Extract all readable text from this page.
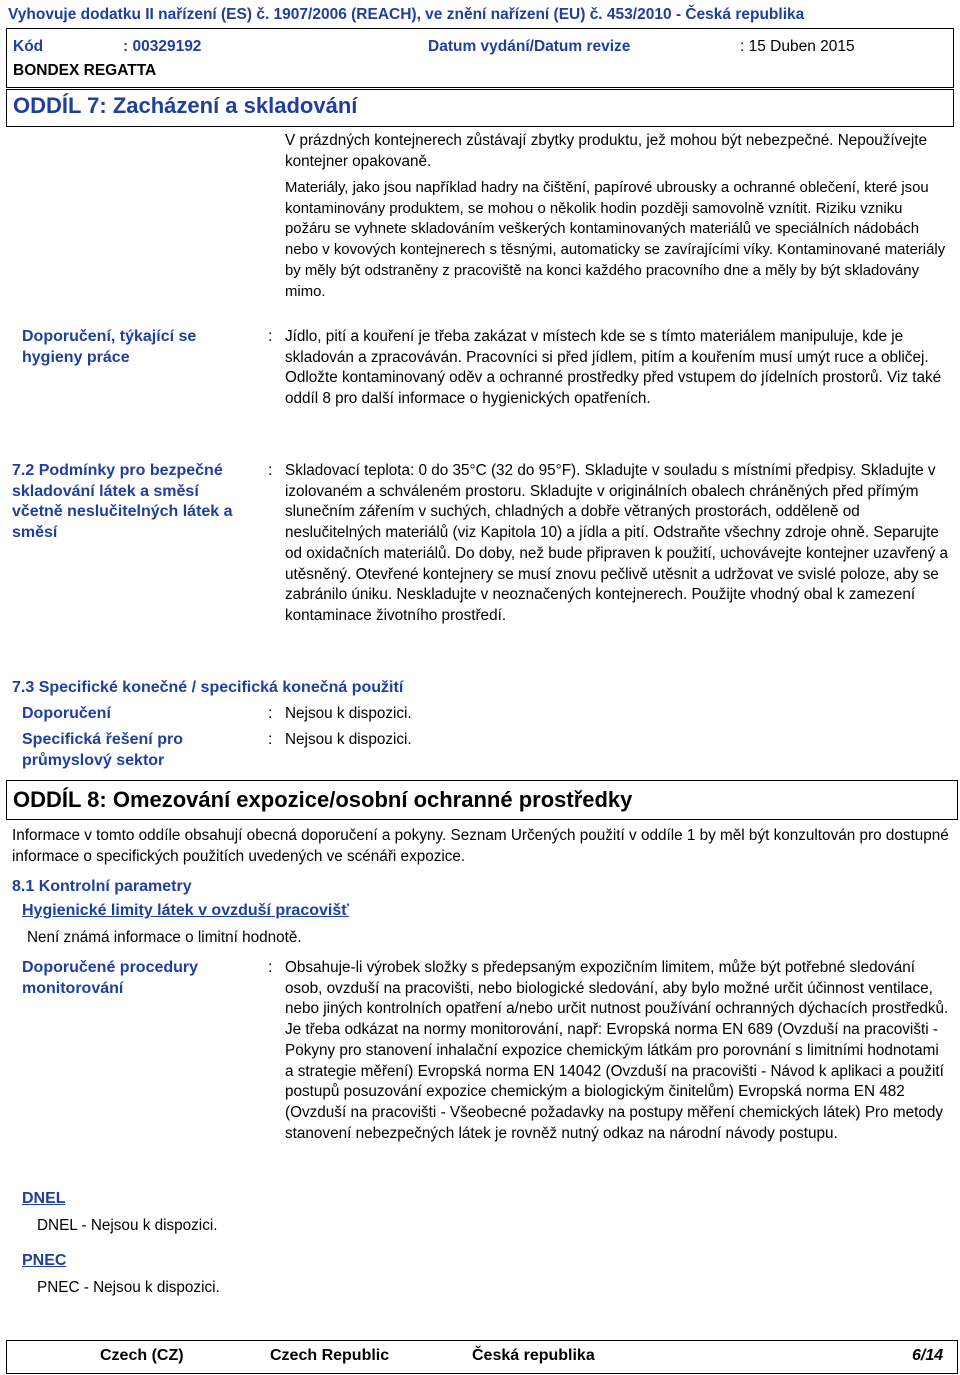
Vyhovuje dodatku II nařízení (ES) č. 1907/2006 (REACH), ve znění nařízení (EU) č. 453/2010 - Česká republika
Kód	: 00329192	Datum vydání/Datum revize	: 15 Duben 2015
BONDEX REGATTA
ODDÍL 7: Zacházení a skladování
V prázdných kontejnerech zůstávají zbytky produktu, jež mohou být nebezpečné. Nepoužívejte kontejner opakovaně.
Materiály, jako jsou například hadry na čištění, papírové ubrousky a ochranné oblečení, které jsou kontaminovány produktem, se mohou o několik hodin později samovolně vznítit. Riziku vzniku požáru se vyhnete skladováním veškerých kontaminovaných materiálů ve speciálních nádobách nebo v kovových kontejnerech s těsnými, automaticky se zavírajícími víky. Kontaminované materiály by měly být odstraněny z pracoviště na konci každého pracovního dne a měly by být skladovány mimo.
Doporučení, týkající se hygieny práce
: Jídlo, pití a kouření je třeba zakázat v místech kde se s tímto materiálem manipuluje, kde je skladován a zpracováván. Pracovníci si před jídlem, pitím a kouřením musí umýt ruce a obličej. Odložte kontaminovaný oděv a ochranné prostředky před vstupem do jídelních prostorů. Viz také oddíl 8 pro další informace o hygienických opatřeních.
7.2 Podmínky pro bezpečné skladování látek a směsí včetně neslučitelných látek a směsí
: Skladovací teplota: 0 do 35°C (32 do 95°F). Skladujte v souladu s místními předpisy. Skladujte v izolovaném a schváleném prostoru. Skladujte v originálních obalech chráněných před přímým slunečním zářením v suchých, chladných a dobře větraných prostorách, odděleně od neslučitelných materiálů (viz Kapitola 10) a jídla a pití. Odstraňte všechny zdroje ohně. Separujte od oxidačních materiálů. Do doby, než bude připraven k použití, uchovávejte kontejner uzavřený a utěsněný. Otevřené kontejnery se musí znovu pečlivě utěsnit a udržovat ve svislé poloze, aby se zabránilo úniku. Neskladujte v neoznačených kontejnerech. Použijte vhodný obal k zamezení kontaminace životního prostředí.
7.3 Specifické konečné / specifická konečná použití
Doporučení	: Nejsou k dispozici.
Specifická řešení pro průmyslový sektor
: Nejsou k dispozici.
ODDÍL 8: Omezování expozice/osobní ochranné prostředky
Informace v tomto oddíle obsahují obecná doporučení a pokyny. Seznam Určených použití v oddíle 1 by měl být konzultován pro dostupné informace o specifických použitích uvedených ve scénáři expozice.
8.1 Kontrolní parametry
Hygienické limity látek v ovzduší pracovišť
Není známá informace o limitní hodnotě.
Doporučené procedury monitorování
: Obsahuje-li výrobek složky s předepsaným expozičním limitem, může být potřebné sledování osob, ovzduší na pracovišti, nebo biologické sledování, aby bylo možné určit účinnost ventilace, nebo jiných kontrolních opatření a/nebo určit nutnost používání ochranných dýchacích prostředků. Je třeba odkázat na normy monitorování, např: Evropská norma EN 689 (Ovzduší na pracovišti - Pokyny pro stanovení inhalační expozice chemickým látkám pro porovnání s limitními hodnotami a strategie měření) Evropská norma EN 14042 (Ovzduší na pracovišti - Návod k aplikaci a použití postupů posuzování expozice chemickým a biologickým činitelům) Evropská norma EN 482 (Ovzduší na pracovišti - Všeobecné požadavky na postupy měření chemických látek) Pro metody stanovení nebezpečných látek je rovněž nutný odkaz na národní návody postupu.
DNEL
DNEL - Nejsou k dispozici.
PNEC
PNEC - Nejsou k dispozici.
Czech (CZ)	Czech Republic	Česká republika	6/14
